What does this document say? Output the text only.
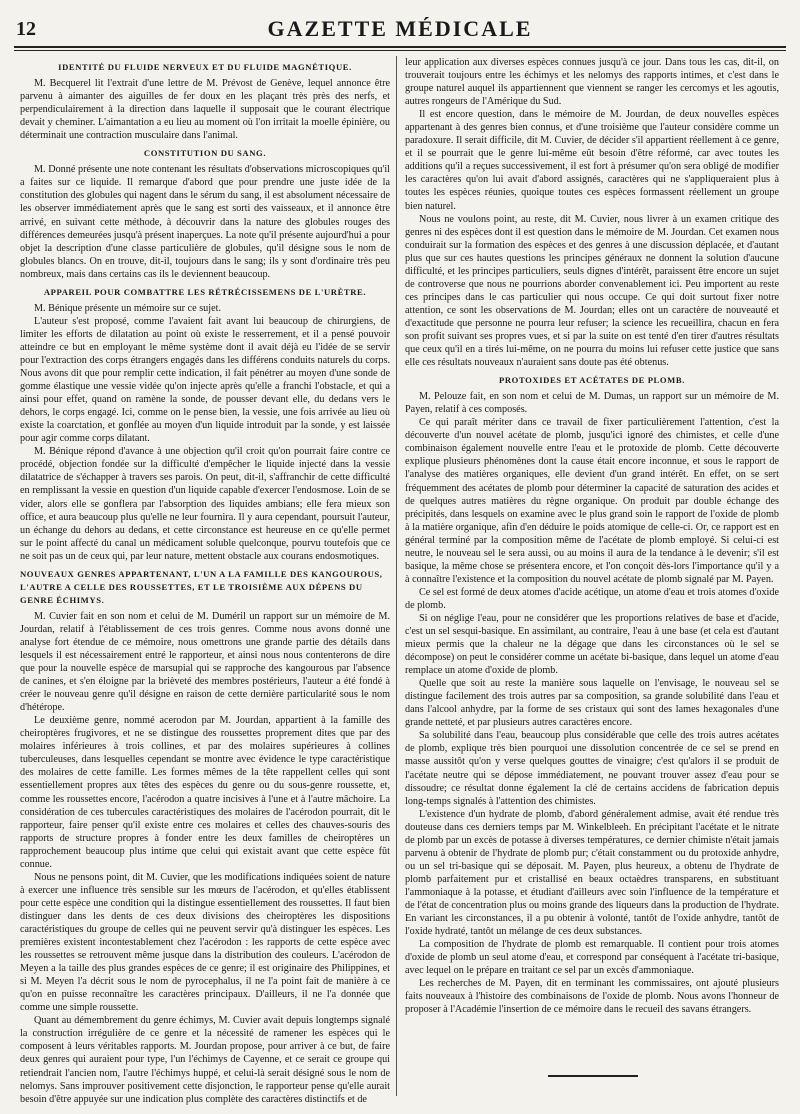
12	GAZETTE MÉDICALE
IDENTITÉ DU FLUIDE NERVEUX ET DU FLUIDE MAGNÉTIQUE.

M. Becquerel lit l'extrait d'une lettre de M. Prévost de Genève, lequel annonce être parvenu à aimanter des aiguilles de fer doux en les plaçant très près des nerfs, et perpendiculairement à la direction dans laquelle il supposait que le courant électrique devait y cheminer. L'aimantation a eu lieu au moment où l'on irritait la moelle épinière, ou déterminait une contraction musculaire dans l'animal.

CONSTITUTION DU SANG.

M. Donné présente une note contenant les résultats d'observations microscopiques qu'il a faites sur ce liquide. Il remarque d'abord que pour prendre une juste idée de la constitution des globules qui nagent dans le sérum du sang, il est absolument nécessaire de les observer immédiatement après que le sang est sorti des vaisseaux, et il annonce être arrivé, en suivant cette méthode, à découvrir dans la nature des globules rouges des différences demeurées jusqu'à présent inaperçues. La note qu'il présente aujourd'hui a pour objet la description d'une classe particulière de globules, qu'il désigne sous le nom de globules blancs. On en trouve, dit-il, toujours dans le sang; ils y sont d'ordinaire très peu nombreux, mais dans certains cas ils le deviennent beaucoup.

APPAREIL POUR COMBATTRE LES RÉTRÉCISSEMENS DE L'URÈTRE.

M. Bénique présente un mémoire sur ce sujet.

L'auteur s'est proposé, comme l'avaient fait avant lui beaucoup de chirurgiens, de limiter les efforts de dilatation au point où existe le resserrement, et il a pensé pouvoir atteindre ce but en employant le même système dont il avait déjà eu l'idée de se servir pour l'extraction des corps étrangers engagés dans les différens conduits naturels du corps. Nous avons dit que pour remplir cette indication, il fait pénétrer au moyen d'une sonde de gomme élastique une vessie vidée qu'on injecte après qu'elle a franchi l'obstacle, et qui a ainsi pour effet, quand on ramène la sonde, de pousser devant elle, du dedans vers le dehors, le corps engagé. Ici, comme on le pense bien, la vessie, une fois arrivée au lieu où existe la coarctation, et gonflée au moyen d'un liquide introduit par la sonde, y est laissée pour agir comme corps dilatant.

M. Bénique répond d'avance à une objection qu'il croit qu'on pourrait faire contre ce procédé, objection fondée sur la difficulté d'empêcher le liquide injecté dans la vessie dilatatrice de s'échapper à travers ses parois. On peut, dit-il, s'affranchir de cette difficulté en remplissant la vessie en question d'un liquide capable d'exercer l'endosmose. Loin de se vider, alors elle se gonflera par l'absorption des liquides ambians; elle fera mieux son office, et aura beaucoup plus qu'elle ne leur fournira. Il y aura cependant, poursuit l'auteur, un échange du dehors au dedans, et cette circonstance est heureuse en ce qu'elle permet sur le point affecté du canal un médicament soluble quelconque, pourvu toutefois que ce ne soit pas un de ceux qui, par leur nature, mettent obstacle aux courans endosmotiques.

NOUVEAUX GENRES APPARTENANT, L'UN A LA FAMILLE DES KANGOUROUS, L'AUTRE A CELLE DES ROUSSETTES, ET LE TROISIÈME AUX DÉPENS DU GENRE ÉCHIMYS.

M. Cuvier fait en son nom et celui de M. Duméril un rapport sur un mémoire de M. Jourdan, relatif à l'établissement de ces trois genres. Comme nous avons donné une analyse fort étendue de ce mémoire, nous omettrons une grande partie des détails dans lesquels il est nécessairement entré le rapporteur, et ainsi nous nous contenterons de dire que pour la nouvelle espèce de marsupial qui se rapproche des kangourous par l'absence de canines, et s'en éloigne par la brièveté des membres postérieurs, l'auteur a été fondé à créer le nouveau genre qu'il désigne en raison de cette dernière particularité sous le nom d'hétérope.

Le deuxième genre, nommé acerodon par M. Jourdan, appartient à la famille des cheiroptères frugivores, et ne se distingue des roussettes proprement dites que par des molaires inférieures à trois collines, et par des molaires supérieures à collines tuberculeuses, dans lesquelles cependant se montre avec évidence le type caractéristique des molaires de cette famille. Les formes mêmes de la tête rappellent celles qui sont essentiellement propres aux têtes des espèces du genre ou du sous-genre roussette, et, comme les roussettes encore, l'acérodon a quatre incisives à l'une et à l'autre mâchoire. La considération de ces tubercules caractéristiques des molaires de l'acérodon pourrait, dit le rapporteur, faire penser qu'il existe entre ces molaires et celles des chauves-souris des rapports de structure propres à fonder entre les deux familles de cheiroptères un rapprochement beaucoup plus intime que celui qui existait avant que cette espèce fût connue.

Nous ne pensons point, dit M. Cuvier, que les modifications indiquées soient de nature à exercer une influence très sensible sur les mœurs de l'acérodon, et qu'elles établissent pour cette espèce une condition qui la distingue essentiellement des roussettes. Il faut bien distinguer dans les dents de ces deux divisions des cheiroptères les dispositions caractéristiques du groupe de celles qui ne peuvent servir qu'à distinguer les espèces. Les premières existent incontestablement chez l'acérodon : les rapports de cette espèce avec les roussettes se retrouvent même jusque dans la distribution des couleurs. L'acérodon de Meyen a la taille des plus grandes espèces de ce genre; il est originaire des Philippines, et si M. Meyen l'a décrit sous le nom de pyrocephalus, il ne l'a point fait de manière à ce qu'on en puisse reconnaître les caractères principaux. D'ailleurs, il ne l'a donnée que comme une simple roussette.

Quant au démembrement du genre échimys, M. Cuvier avait depuis longtemps signalé la construction irrégulière de ce genre et la nécessité de ramener les espèces qui le composent à leurs véritables rapports. M. Jourdan propose, pour arriver à ce but, de faire deux genres qui auraient pour type, l'un l'échimys de Cayenne, et ce serait ce groupe qui retiendrait l'ancien nom, l'autre l'échimys huppé, et celui-là serait désigné sous le nom de nelomys. Sans improuver positivement cette disjonction, le rapporteur pense qu'elle aurait besoin d'être appuyée sur une indication plus complète des caractères distinctifs et de

leur application aux diverses espèces connues jusqu'à ce jour. Dans tous les cas, dit-il, on trouverait toujours entre les échimys et les nelomys des rapports intimes, et c'est dans le groupe naturel auquel ils appartiennent que viennent se ranger les cercomys et les agoutis, autres rongeurs de l'Amérique du Sud.

Il est encore question, dans le mémoire de M. Jourdan, de deux nouvelles espèces appartenant à des genres bien connus, et d'une troisième que l'auteur considère comme un paradoxure. Il serait difficile, dit M. Cuvier, de décider s'il appartient réellement à ce genre, et il se pourrait que le genre lui-même eût besoin d'être réformé, car avec toutes les additions qu'il a reçues successivement, il est fort à présumer qu'on sera obligé de modifier les caractères qu'on lui avait d'abord assignés, caractères qui ne s'appliqueraient plus à toutes les espèces réunies, quoique toutes ces espèces formassent réellement un groupe bien naturel.

Nous ne voulons point, au reste, dit M. Cuvier, nous livrer à un examen critique des genres ni des espèces dont il est question dans le mémoire de M. Jourdan. Cet examen nous conduirait sur la formation des espèces et des genres à une discussion déplacée, et d'autant plus que sur ces hautes questions les principes généraux ne donnent la solution d'aucune difficulté, et les principes particuliers, seuls dignes d'intérêt, paraissent être encore un sujet de controverse que nous ne pourrions aborder convenablement ici. Peu importent au reste ces principes dans le cas particulier qui nous occupe. Ce qui doit surtout fixer notre attention, ce sont les observations de M. Jourdan; elles ont un caractère de nouveauté et d'exactitude que personne ne pourra leur refuser; la science les recueillira, chacun en fera son profit suivant ses propres vues, et si par la suite on est tenté d'en tirer d'autres résultats que ceux qu'il en a tirés lui-même, on ne pourra du moins lui refuser cette justice que sans elle ces résultats nouveaux n'auraient sans doute pas été obtenus.

PROTOXIDES ET ACÉTATES DE PLOMB.

M. Pelouze fait, en son nom et celui de M. Dumas, un rapport sur un mémoire de M. Payen, relatif à ces composés.

Ce qui paraît mériter dans ce travail de fixer particulièrement l'attention, c'est la découverte d'un nouvel acétate de plomb, jusqu'ici ignoré des chimistes, et celle d'une combinaison également nouvelle entre l'eau et le protoxide de plomb. Cette découverte explique plusieurs phénomènes dont la cause était encore inconnue, et sous le rapport de l'analyse des matières organiques, elle devient d'un grand intérêt. En effet, on se sert fréquemment des acétates de plomb pour déterminer la capacité de saturation des acides et de quelques autres matières du règne organique. On produit par double échange des précipités, dans lesquels on examine avec le plus grand soin le rapport de l'oxide de plomb à la matière organique, afin d'en déduire le poids atomique de celle-ci. Or, ce rapport est en général terminé par la composition même de l'acétate de plomb employé. Si celui-ci est neutre, le nouveau sel le sera aussi, ou au moins il aura de la tendance à le devenir; s'il est basique, la même chose se présentera encore, et l'on conçoit dès-lors l'importance qu'il y a à connaître l'existence et la composition du nouvel acétate de plomb signalé par M. Payen.

Ce sel est formé de deux atomes d'acide acétique, un atome d'eau et trois atomes d'oxide de plomb.

Si on néglige l'eau, pour ne considérer que les proportions relatives de base et d'acide, c'est un sel sesqui-basique. En assimilant, au contraire, l'eau à une base (et cela est d'autant mieux permis que la chaleur ne la dégage que dans les circonstances où le sel se décompose) on peut le considérer comme un acétate bi-basique, dans lequel un atome d'eau remplace un atome d'oxide de plomb.

Quelle que soit au reste la manière sous laquelle on l'envisage, le nouveau sel se distingue facilement des trois autres par sa composition, sa grande solubilité dans l'eau et dans l'alcool anhydre, par la forme de ses cristaux qui sont des lames hexagonales d'une grande netteté, et par plusieurs autres caractères encore.

Sa solubilité dans l'eau, beaucoup plus considérable que celle des trois autres acétates de plomb, explique très bien pourquoi une dissolution concentrée de ce sel se prend en masse aussitôt qu'on y verse quelques gouttes de vinaigre; c'est qu'alors il se produit de l'acétate neutre qui se dépose immédiatement, ne pouvant trouver assez d'eau pour se dissoudre; ce résultat donne également la clé de certains accidens de fabrication depuis long-temps signalés à l'attention des chimistes.

L'existence d'un hydrate de plomb, d'abord généralement admise, avait été rendue très douteuse dans ces derniers temps par M. Winkelbleeh. En précipitant l'acétate et le nitrate de plomb par un excès de potasse à diverses températures, ce dernier chimiste n'était jamais parvenu à obtenir de l'hydrate de plomb pur; c'était constamment ou du protoxide anhydre, ou un sel tri-basique qui se déposait. M. Payen, plus heureux, a obtenu de l'hydrate de plomb parfaitement pur et cristallisé en beaux octaèdres transparens, en substituant l'ammoniaque à la potasse, et étudiant d'ailleurs avec soin l'influence de la température et de l'état de concentration plus ou moins grande des liqueurs dans la production de l'hydrate. En variant les circonstances, il a pu obtenir à volonté, tantôt de l'oxide anhydre, tantôt de l'oxide hydraté, tantôt un mélange de ces deux substances.

La composition de l'hydrate de plomb est remarquable. Il contient pour trois atomes d'oxide de plomb un seul atome d'eau, et correspond par conséquent à l'acétate tri-basique, avec lequel on le prépare en traitant ce sel par un excès d'ammoniaque.

Les recherches de M. Payen, dit en terminant les commissaires, ont ajouté plusieurs faits nouveaux à l'histoire des combinaisons de l'oxide de plomb. Nous avons l'honneur de proposer à l'Académie l'insertion de ce mémoire dans le recueil des savans étrangers.
